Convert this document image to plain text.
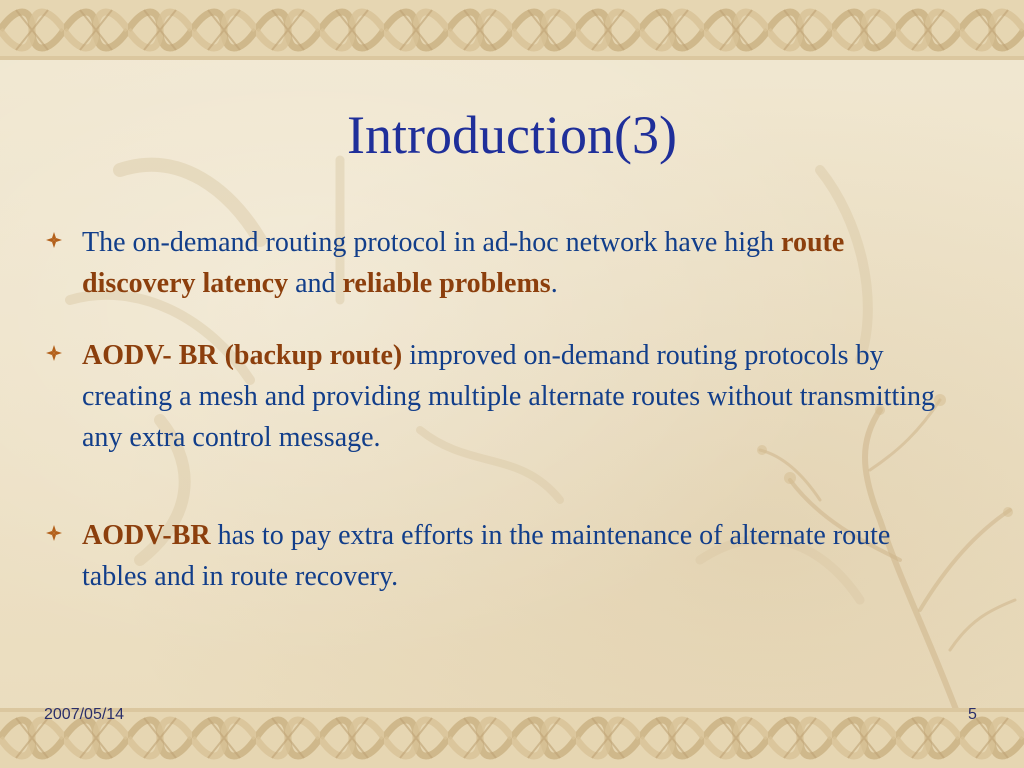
Introduction(3)
The on-demand routing protocol in ad-hoc network have high route discovery latency and reliable problems.
AODV- BR (backup route) improved on-demand routing protocols by creating a mesh and providing multiple alternate routes without transmitting any extra control message.
AODV-BR has to pay extra efforts in the maintenance of alternate route tables and in route recovery.
2007/05/14	5
